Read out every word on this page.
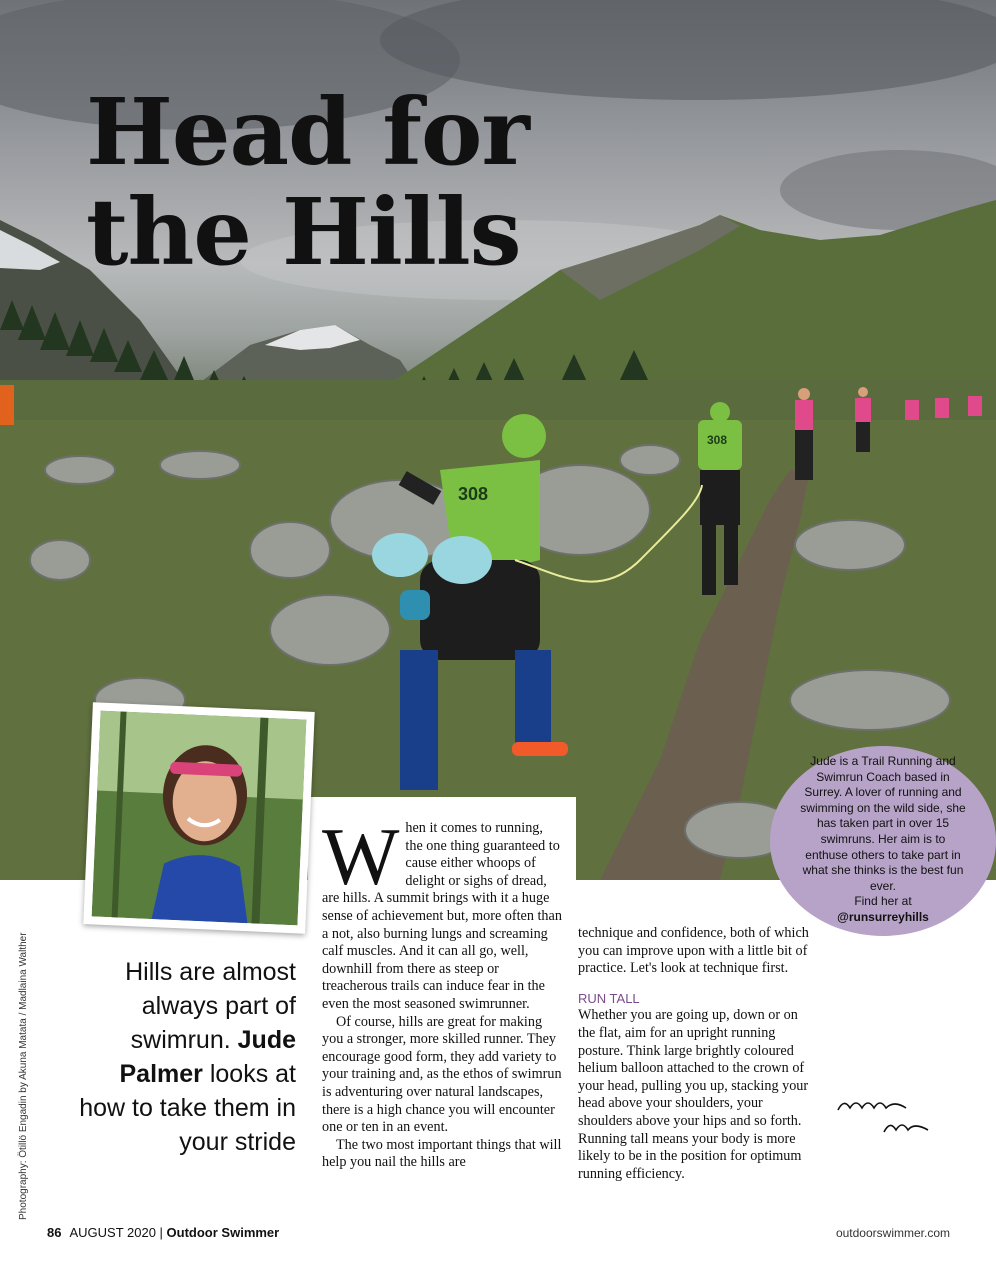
308
308
Head for
the Hills

Hills are almost always part of swimrun. Jude Palmer looks at how to take them in your stride

Photography: Ötillö Engadin by Akuna Matata / Madlaina Walther
W hen it comes to running, the one thing guaranteed to cause either whoops of delight or sighs of dread, are hills. A summit brings with it a huge sense of achievement but, more often than a not, also burning lungs and screaming calf muscles. And it can all go, well, downhill from there as steep or treacherous trails can induce fear in the even the most seasoned swimrunner.

Of course, hills are great for making you a stronger, more skilled runner. They encourage good form, they add variety to your training and, as the ethos of swimrun is adventuring over natural landscapes, there is a high chance you will encounter one or ten in an event.

The two most important things that will help you nail the hills are

technique and confidence, both of which you can improve upon with a little bit of practice. Let's look at technique first.

RUN TALL

Whether you are going up, down or on the flat, aim for an upright running posture. Think large brightly coloured helium balloon attached to the crown of your head, pulling you up, stacking your head above your shoulders, your shoulders above your hips and so forth. Running tall means your body is more likely to be in the position for optimum running efficiency.

Jude is a Trail Running and Swimrun Coach based in Surrey. A lover of running and swimming on the wild side, she has taken part in over 15 swimruns. Her aim is to enthuse others to take part in what she thinks is the best fun ever.

Find her at

@runsurreyhills

86 AUGUST 2020 | Outdoor Swimmer	outdoorswimmer.com
